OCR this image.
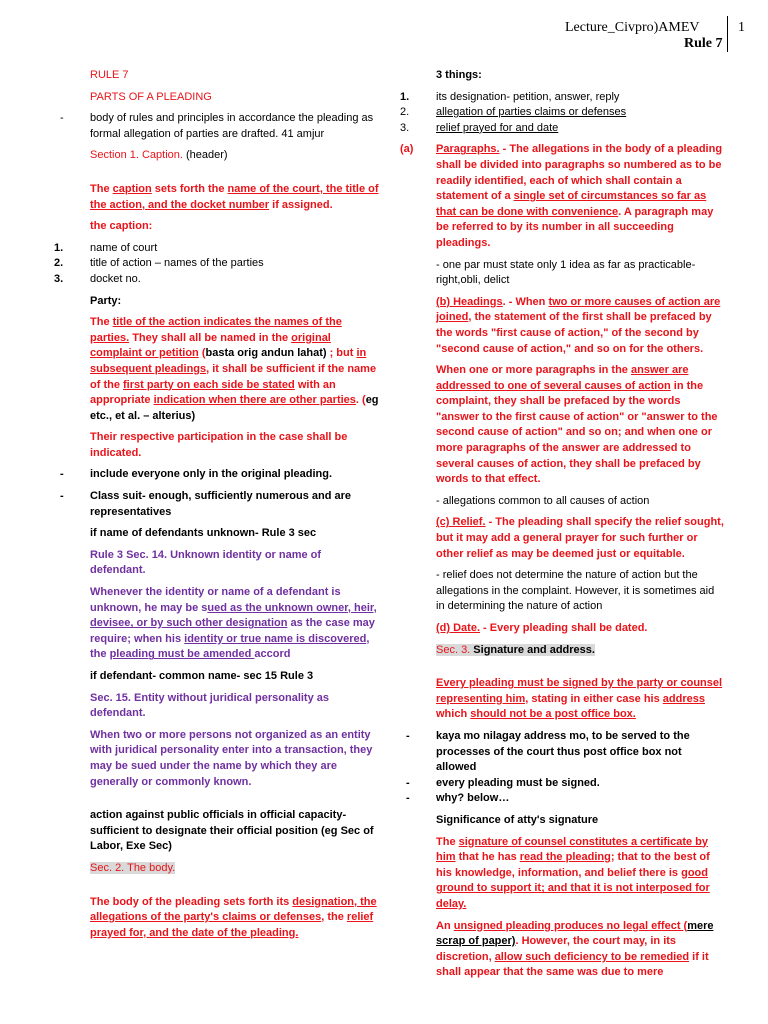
Lecture_Civpro)AMEV	1
Rule 7
RULE 7
PARTS OF A PLEADING
- body of rules and principles in accordance the pleading as formal allegation of parties are drafted. 41 amjur
Section 1. Caption. (header)
The caption sets forth the name of the court, the title of the action, and the docket number if assigned.
the caption:
1.	name of court
2.	title of action – names of the parties
3.	docket no.
Party:
The title of the action indicates the names of the parties. They shall all be named in the original complaint or petition (basta orig andun lahat) ; but in subsequent pleadings, it shall be sufficient if the name of the first party on each side be stated with an appropriate indication when there are other parties. (eg etc., et al. – alterius)
Their respective participation in the case shall be indicated.
- include everyone only in the original pleading.
- Class suit- enough, sufficiently numerous and are representatives
if name of defendants unknown- Rule 3 sec
Rule 3 Sec. 14. Unknown identity or name of defendant.
Whenever the identity or name of a defendant is unknown, he may be sued as the unknown owner, heir, devisee, or by such other designation as the case may require; when his identity or true name is discovered, the pleading must be amended accord
if defendant- common name- sec 15 Rule 3
Sec. 15. Entity without juridical personality as defendant.
When two or more persons not organized as an entity with juridical personality enter into a transaction, they may be sued under the name by which they are generally or commonly known.
action against public officials in official capacity- sufficient to designate their official position (eg Sec of Labor, Exe Sec)
Sec. 2. The body.
The body of the pleading sets forth its designation, the allegations of the party's claims or defenses, the relief prayed for, and the date of the pleading.
3 things:
1.	its designation- petition, answer, reply
2.	allegation of parties claims or defenses
3.	relief prayed for and date
(a)	Paragraphs. - The allegations in the body of a pleading shall be divided into paragraphs so numbered as to be readily identified, each of which shall contain a statement of a single set of circumstances so far as that can be done with convenience. A paragraph may be referred to by its number in all succeeding pleadings.
- one par must state only 1 idea as far as practicable- right,obli, delict
(b) Headings. - When two or more causes of action are joined, the statement of the first shall be prefaced by the words "first cause of action," of the second by "second cause of action," and so on for the others.
When one or more paragraphs in the answer are addressed to one of several causes of action in the complaint, they shall be prefaced by the words "answer to the first cause of action" or "answer to the second cause of action" and so on; and when one or more paragraphs of the answer are addressed to several causes of action, they shall be prefaced by words to that effect.
- allegations common to all causes of action
(c) Relief. - The pleading shall specify the relief sought, but it may add a general prayer for such further or other relief as may be deemed just or equitable.
- relief does not determine the nature of action but the allegations in the complaint. However, it is sometimes aid in determining the nature of action
(d) Date. - Every pleading shall be dated.
Sec. 3. Signature and address.
Every pleading must be signed by the party or counsel representing him, stating in either case his address which should not be a post office box.
- kaya mo nilagay address mo, to be served to the processes of the court thus post office box not allowed
- every pleading must be signed.
- why? below…
Significance of atty's signature
The signature of counsel constitutes a certificate by him that he has read the pleading; that to the best of his knowledge, information, and belief there is good ground to support it; and that it is not interposed for delay.
An unsigned pleading produces no legal effect (mere scrap of paper). However, the court may, in its discretion, allow such deficiency to be remedied if it shall appear that the same was due to mere
